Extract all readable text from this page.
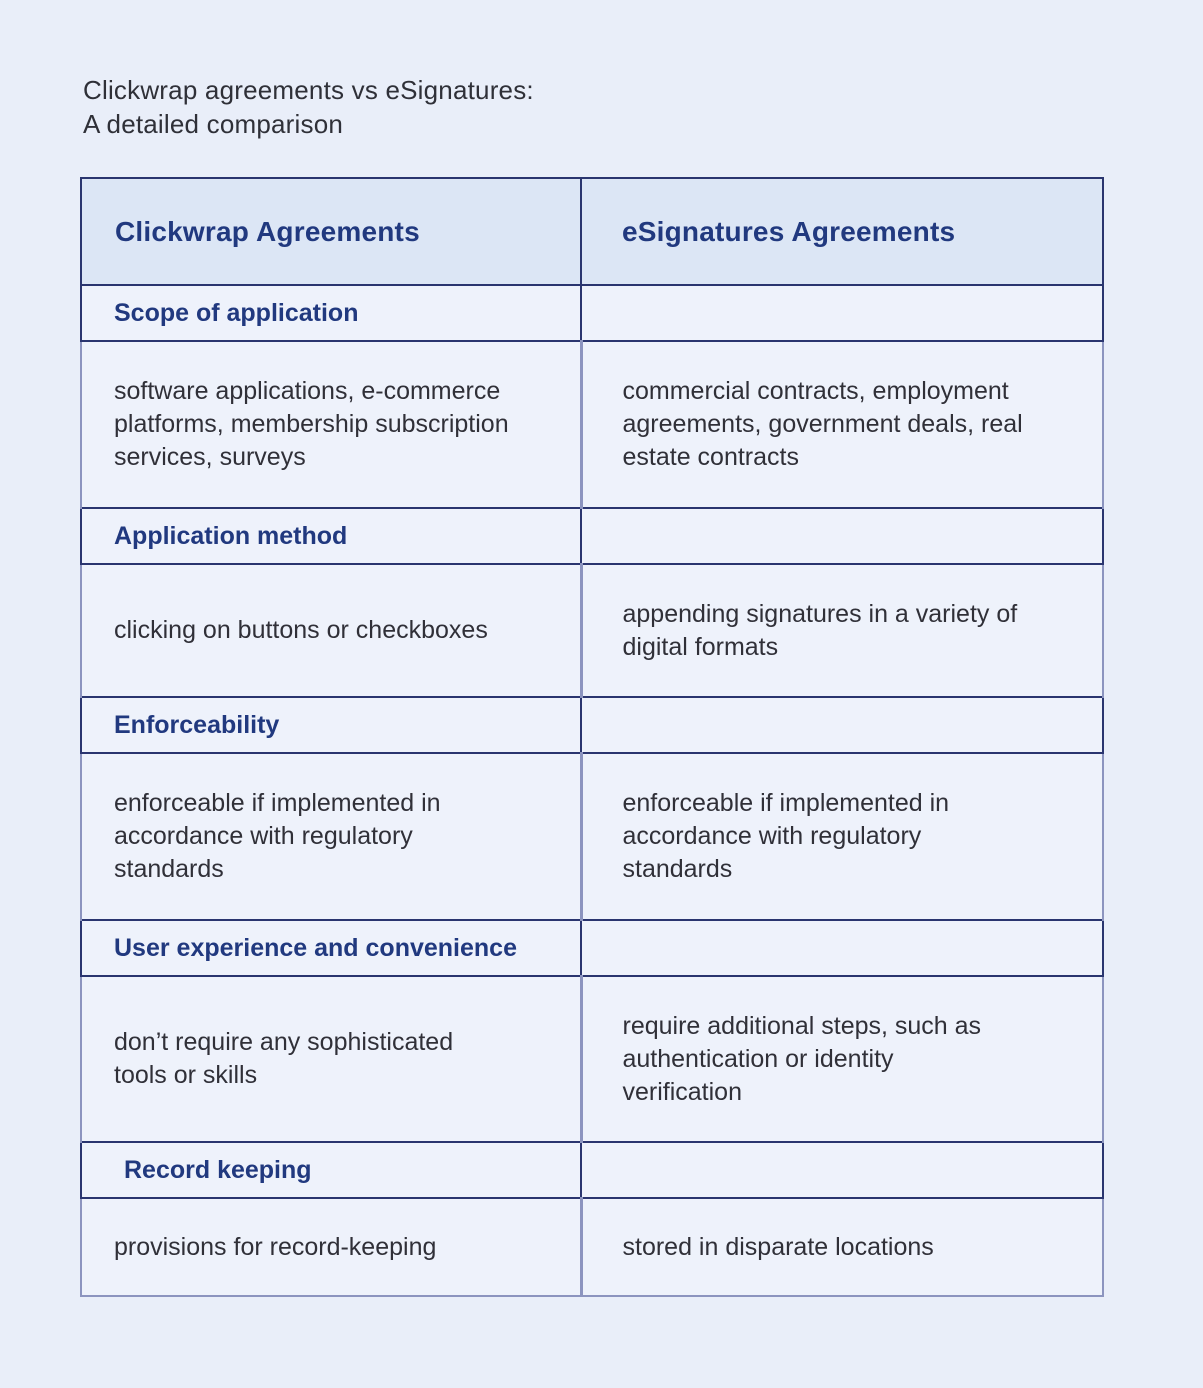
Clickwrap agreements vs eSignatures:
A detailed comparison
Clickwrap Agreements	eSignatures Agreements
Scope of application	
software applications, e-commerce platforms, membership subscription services, surveys	commercial contracts, employment agreements, government deals, real estate contracts
Application method	
clicking on buttons or checkboxes	appending signatures in a variety of digital formats
Enforceability	
enforceable if implemented in accordance with regulatory standards	enforceable if implemented in accordance with regulatory standards
User experience and convenience	
don’t require any sophisticated tools or skills	require additional steps, such as authentication or identity verification
Record keeping	
provisions for record-keeping	stored in disparate locations
